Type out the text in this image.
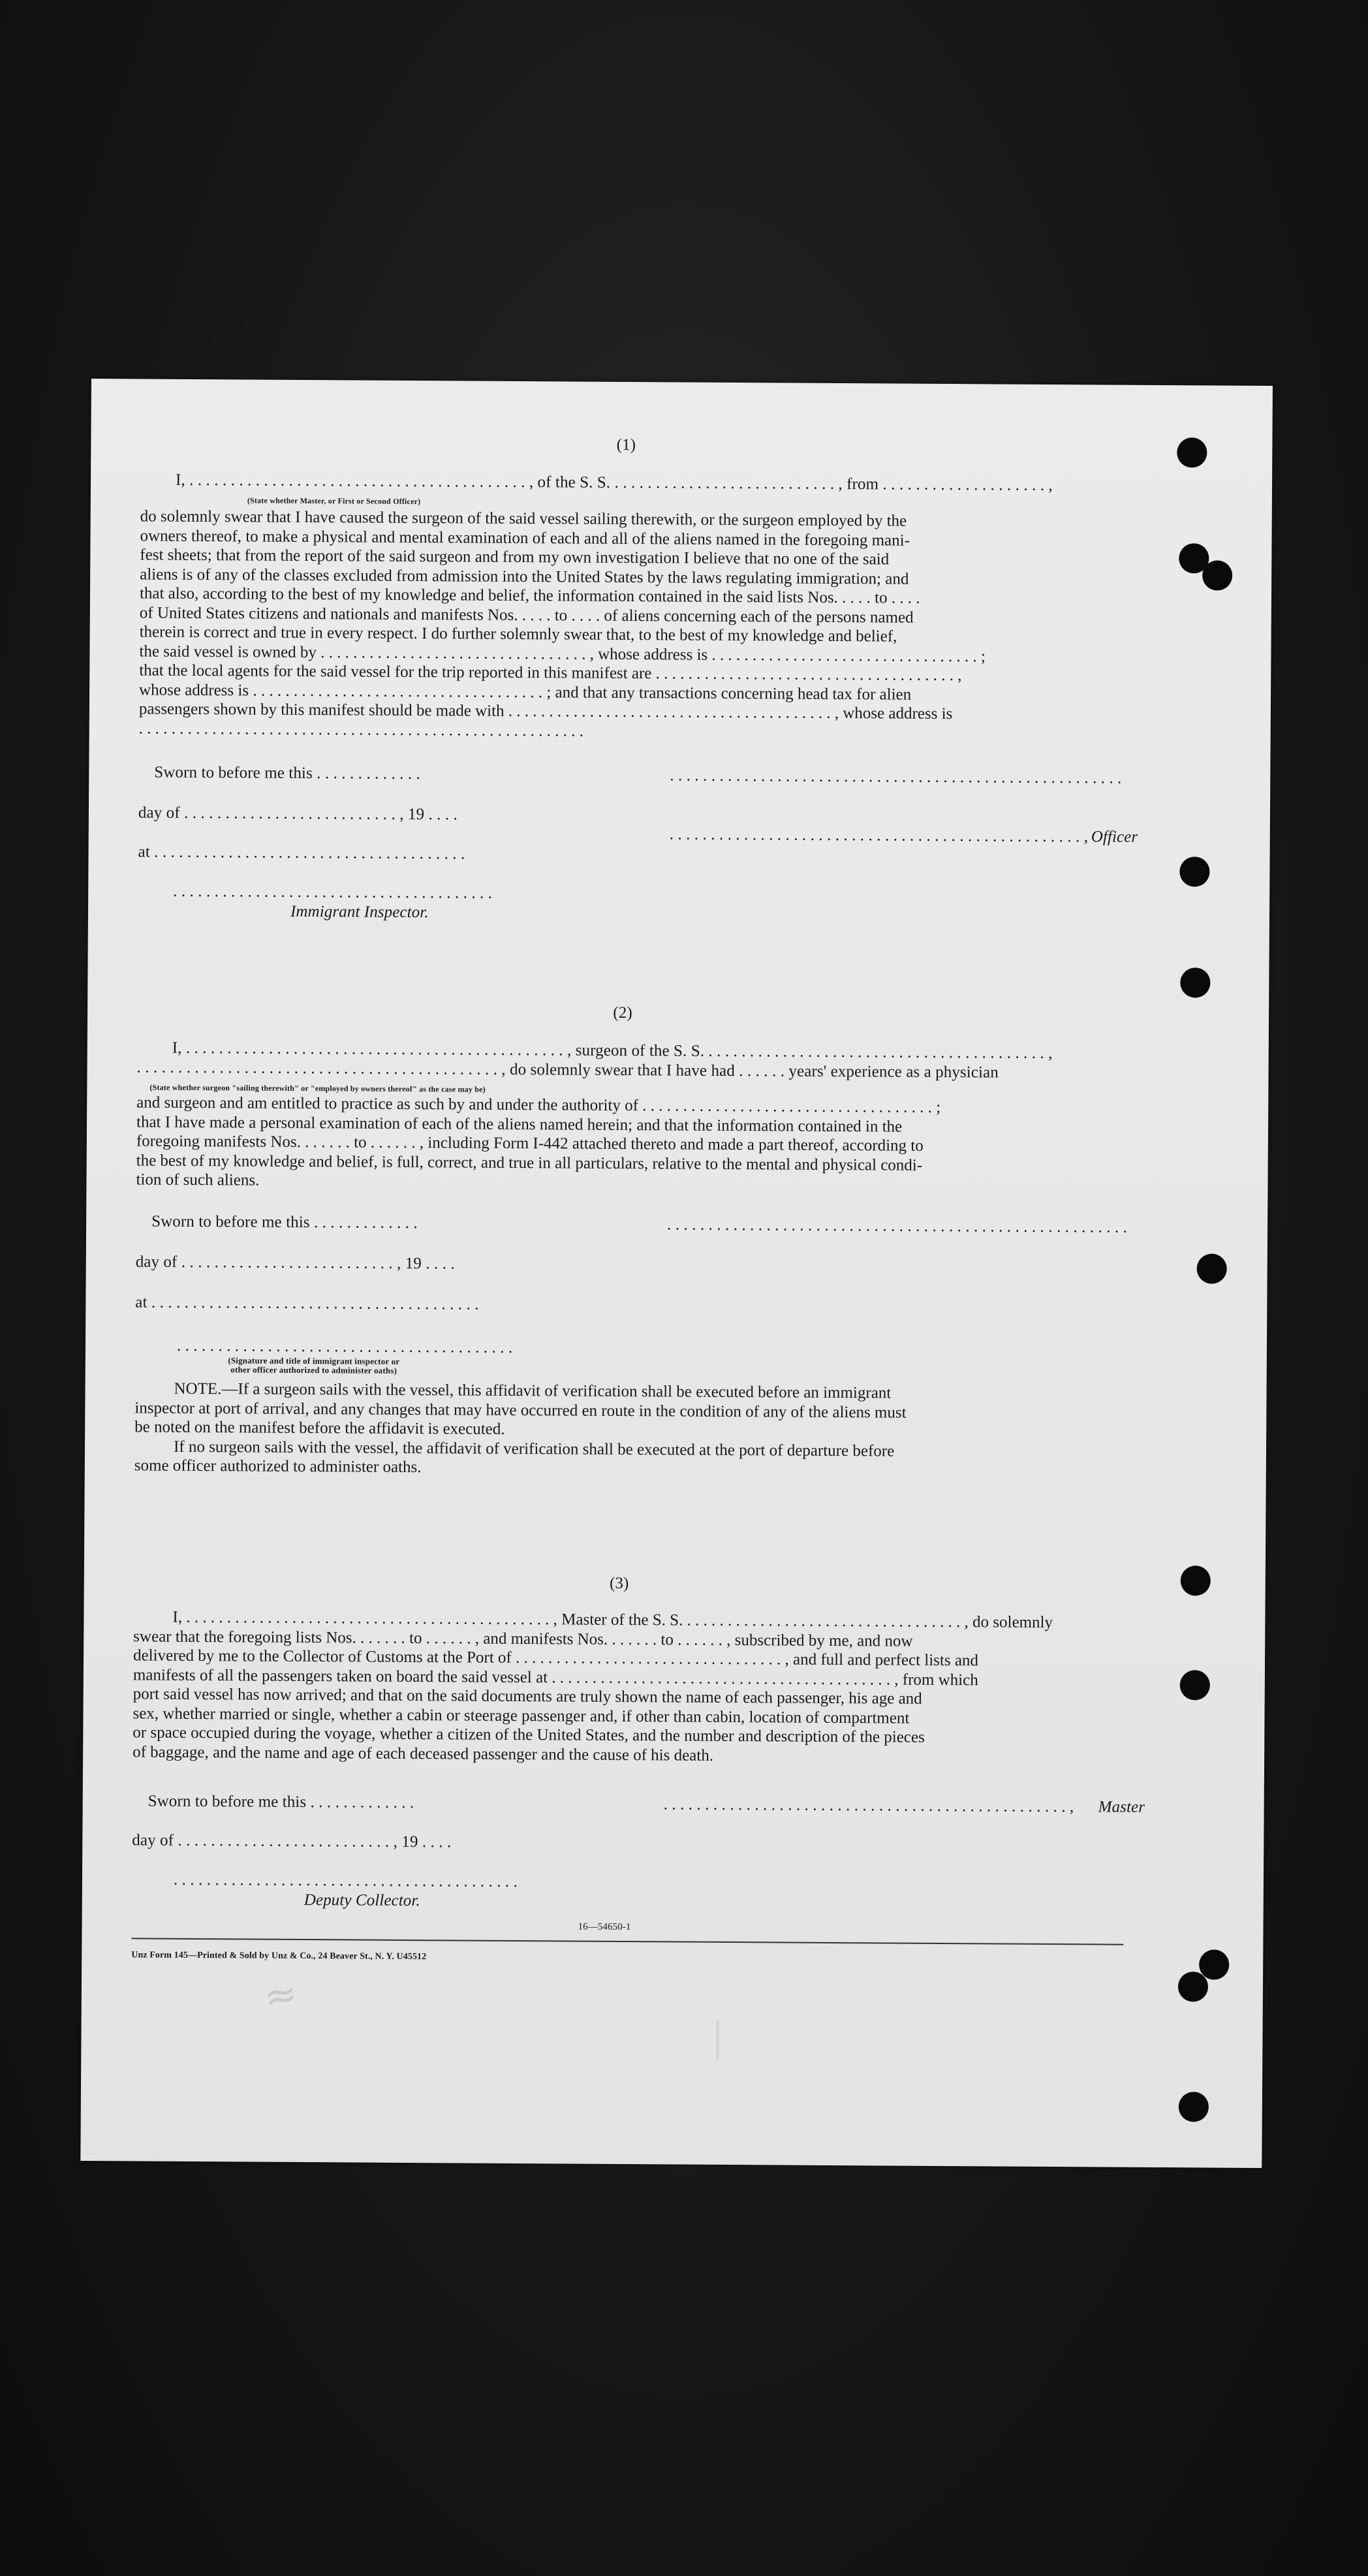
(1)
I, . . . . . . . . . . . . . . . . . . . . . . . . . . . . . . . . . . . . . . . . . , of the S. S. . . . . . . . . . . . . . . . . . . . . . . . . . . . , from . . . . . . . . . . . . . . . . . . . . ,
(State whether Master, or First or Second Officer)
do solemnly swear that I have caused the surgeon of the said vessel sailing therewith, or the surgeon employed by the
owners thereof, to make a physical and mental examination of each and all of the aliens named in the foregoing mani-
fest sheets; that from the report of the said surgeon and from my own investigation I believe that no one of the said
aliens is of any of the classes excluded from admission into the United States by the laws regulating immigration; and
that also, according to the best of my knowledge and belief, the information contained in the said lists Nos. . . . . to . . . .
of United States citizens and nationals and manifests Nos. . . . . to . . . . of aliens concerning each of the persons named
therein is correct and true in every respect. I do further solemnly swear that, to the best of my knowledge and belief,
the said vessel is owned by . . . . . . . . . . . . . . . . . . . . . . . . . . . . . . . . . , whose address is . . . . . . . . . . . . . . . . . . . . . . . . . . . . . . . . . ;
that the local agents for the said vessel for the trip reported in this manifest are . . . . . . . . . . . . . . . . . . . . . . . . . . . . . . . . . . . . . ,
whose address is . . . . . . . . . . . . . . . . . . . . . . . . . . . . . . . . . . . . ; and that any transactions concerning head tax for alien
passengers shown by this manifest should be made with . . . . . . . . . . . . . . . . . . . . . . . . . . . . . . . . . . . . . . . . , whose address is
. . . . . . . . . . . . . . . . . . . . . . . . . . . . . . . . . . . . . . . . . . . . . . . . . . . . . . .
Sworn to before me this . . . . . . . . . . . . .	. . . . . . . . . . . . . . . . . . . . . . . . . . . . . . . . . . . . . . . . . . . . . . . . . . . . . . .
day of . . . . . . . . . . . . . . . . . . . . . . . . . . , 19 . . . .
. . . . . . . . . . . . . . . . . . . . . . . . . . . . . . . . . . . . . . . . . . . . . . . . . . , Officer
at . . . . . . . . . . . . . . . . . . . . . . . . . . . . . . . . . . . . . .
. . . . . . . . . . . . . . . . . . . . . . . . . . . . . . . . . . . . . . .
Immigrant Inspector.
(2)
I, . . . . . . . . . . . . . . . . . . . . . . . . . . . . . . . . . . . . . . . . . . . . . . , surgeon of the S. S. . . . . . . . . . . . . . . . . . . . . . . . . . . . . . . . . . . . . . . . . . ,
. . . . . . . . . . . . . . . . . . . . . . . . . . . . . . . . . . . . . . . . . . . . , do solemnly swear that I have had . . . . . . years' experience as a physician
(State whether surgeon "sailing therewith" or "employed by owners thereof" as the case may be)
and surgeon and am entitled to practice as such by and under the authority of . . . . . . . . . . . . . . . . . . . . . . . . . . . . . . . . . . . . ;
that I have made a personal examination of each of the aliens named herein; and that the information contained in the
foregoing manifests Nos. . . . . . . to . . . . . . , including Form I-442 attached thereto and made a part thereof, according to
the best of my knowledge and belief, is full, correct, and true in all particulars, relative to the mental and physical condi-
tion of such aliens.
Sworn to before me this . . . . . . . . . . . . .	. . . . . . . . . . . . . . . . . . . . . . . . . . . . . . . . . . . . . . . . . . . . . . . . . . . . . . . .
day of . . . . . . . . . . . . . . . . . . . . . . . . . . , 19 . . . .
at . . . . . . . . . . . . . . . . . . . . . . . . . . . . . . . . . . . . . . . .
. . . . . . . . . . . . . . . . . . . . . . . . . . . . . . . . . . . . . . . . .
(Signature and title of immigrant inspector or
other officer authorized to administer oaths)
NOTE.—If a surgeon sails with the vessel, this affidavit of verification shall be executed before an immigrant
inspector at port of arrival, and any changes that may have occurred en route in the condition of any of the aliens must
be noted on the manifest before the affidavit is executed.
If no surgeon sails with the vessel, the affidavit of verification shall be executed at the port of departure before
some officer authorized to administer oaths.
(3)
I, . . . . . . . . . . . . . . . . . . . . . . . . . . . . . . . . . . . . . . . . . . . . . , Master of the S. S. . . . . . . . . . . . . . . . . . . . . . . . . . . . . . . . . . . , do solemnly
swear that the foregoing lists Nos. . . . . . . to . . . . . . , and manifests Nos. . . . . . . to . . . . . . , subscribed by me, and now
delivered by me to the Collector of Customs at the Port of . . . . . . . . . . . . . . . . . . . . . . . . . . . . . . . . . , and full and perfect lists and
manifests of all the passengers taken on board the said vessel at . . . . . . . . . . . . . . . . . . . . . . . . . . . . . . . . . . . . . . . . . . , from which
port said vessel has now arrived; and that on the said documents are truly shown the name of each passenger, his age and
sex, whether married or single, whether a cabin or steerage passenger and, if other than cabin, location of compartment
or space occupied during the voyage, whether a citizen of the United States, and the number and description of the pieces
of baggage, and the name and age of each deceased passenger and the cause of his death.
Sworn to before me this . . . . . . . . . . . . .	. . . . . . . . . . . . . . . . . . . . . . . . . . . . . . . . . . . . . . . . . . . . . . . . . , Master
day of . . . . . . . . . . . . . . . . . . . . . . . . . . , 19 . . . .
. . . . . . . . . . . . . . . . . . . . . . . . . . . . . . . . . . . . . . . . . .
Deputy Collector.
16—54650-1
Unz Form 145—Printed & Sold by Unz & Co., 24 Beaver St., N. Y. U45512
≈
∣
